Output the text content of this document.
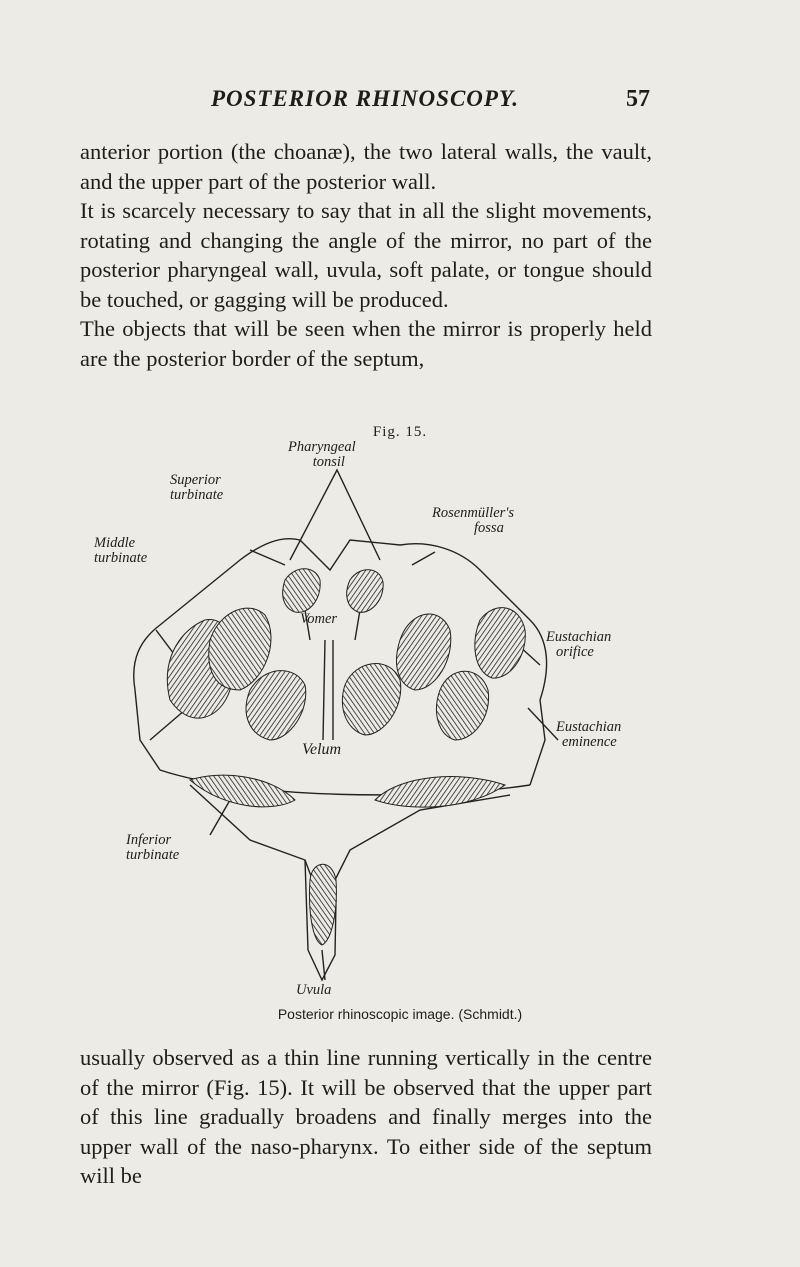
POSTERIOR RHINOSCOPY.	57

anterior portion (the choanæ), the two lateral walls, the vault, and the upper part of the posterior wall.

It is scarcely necessary to say that in all the slight movements, rotating and changing the angle of the mirror, no part of the posterior pharyngeal wall, uvula, soft palate, or tongue should be touched, or gagging will be produced.

The objects that will be seen when the mirror is properly held are the posterior border of the septum,

Fig. 15.
Pharyngeal
tonsil
Superior
turbinate
Rosenmüller's
fossa
Middle
turbinate
Vomer
Eustachian
orifice
Eustachian
eminence
Velum
Inferior
turbinate
Uvula
Posterior rhinoscopic image. (Schmidt.)

usually observed as a thin line running vertically in the centre of the mirror (Fig. 15). It will be observed that the upper part of this line gradually broadens and finally merges into the upper wall of the naso-pharynx. To either side of the septum will be
